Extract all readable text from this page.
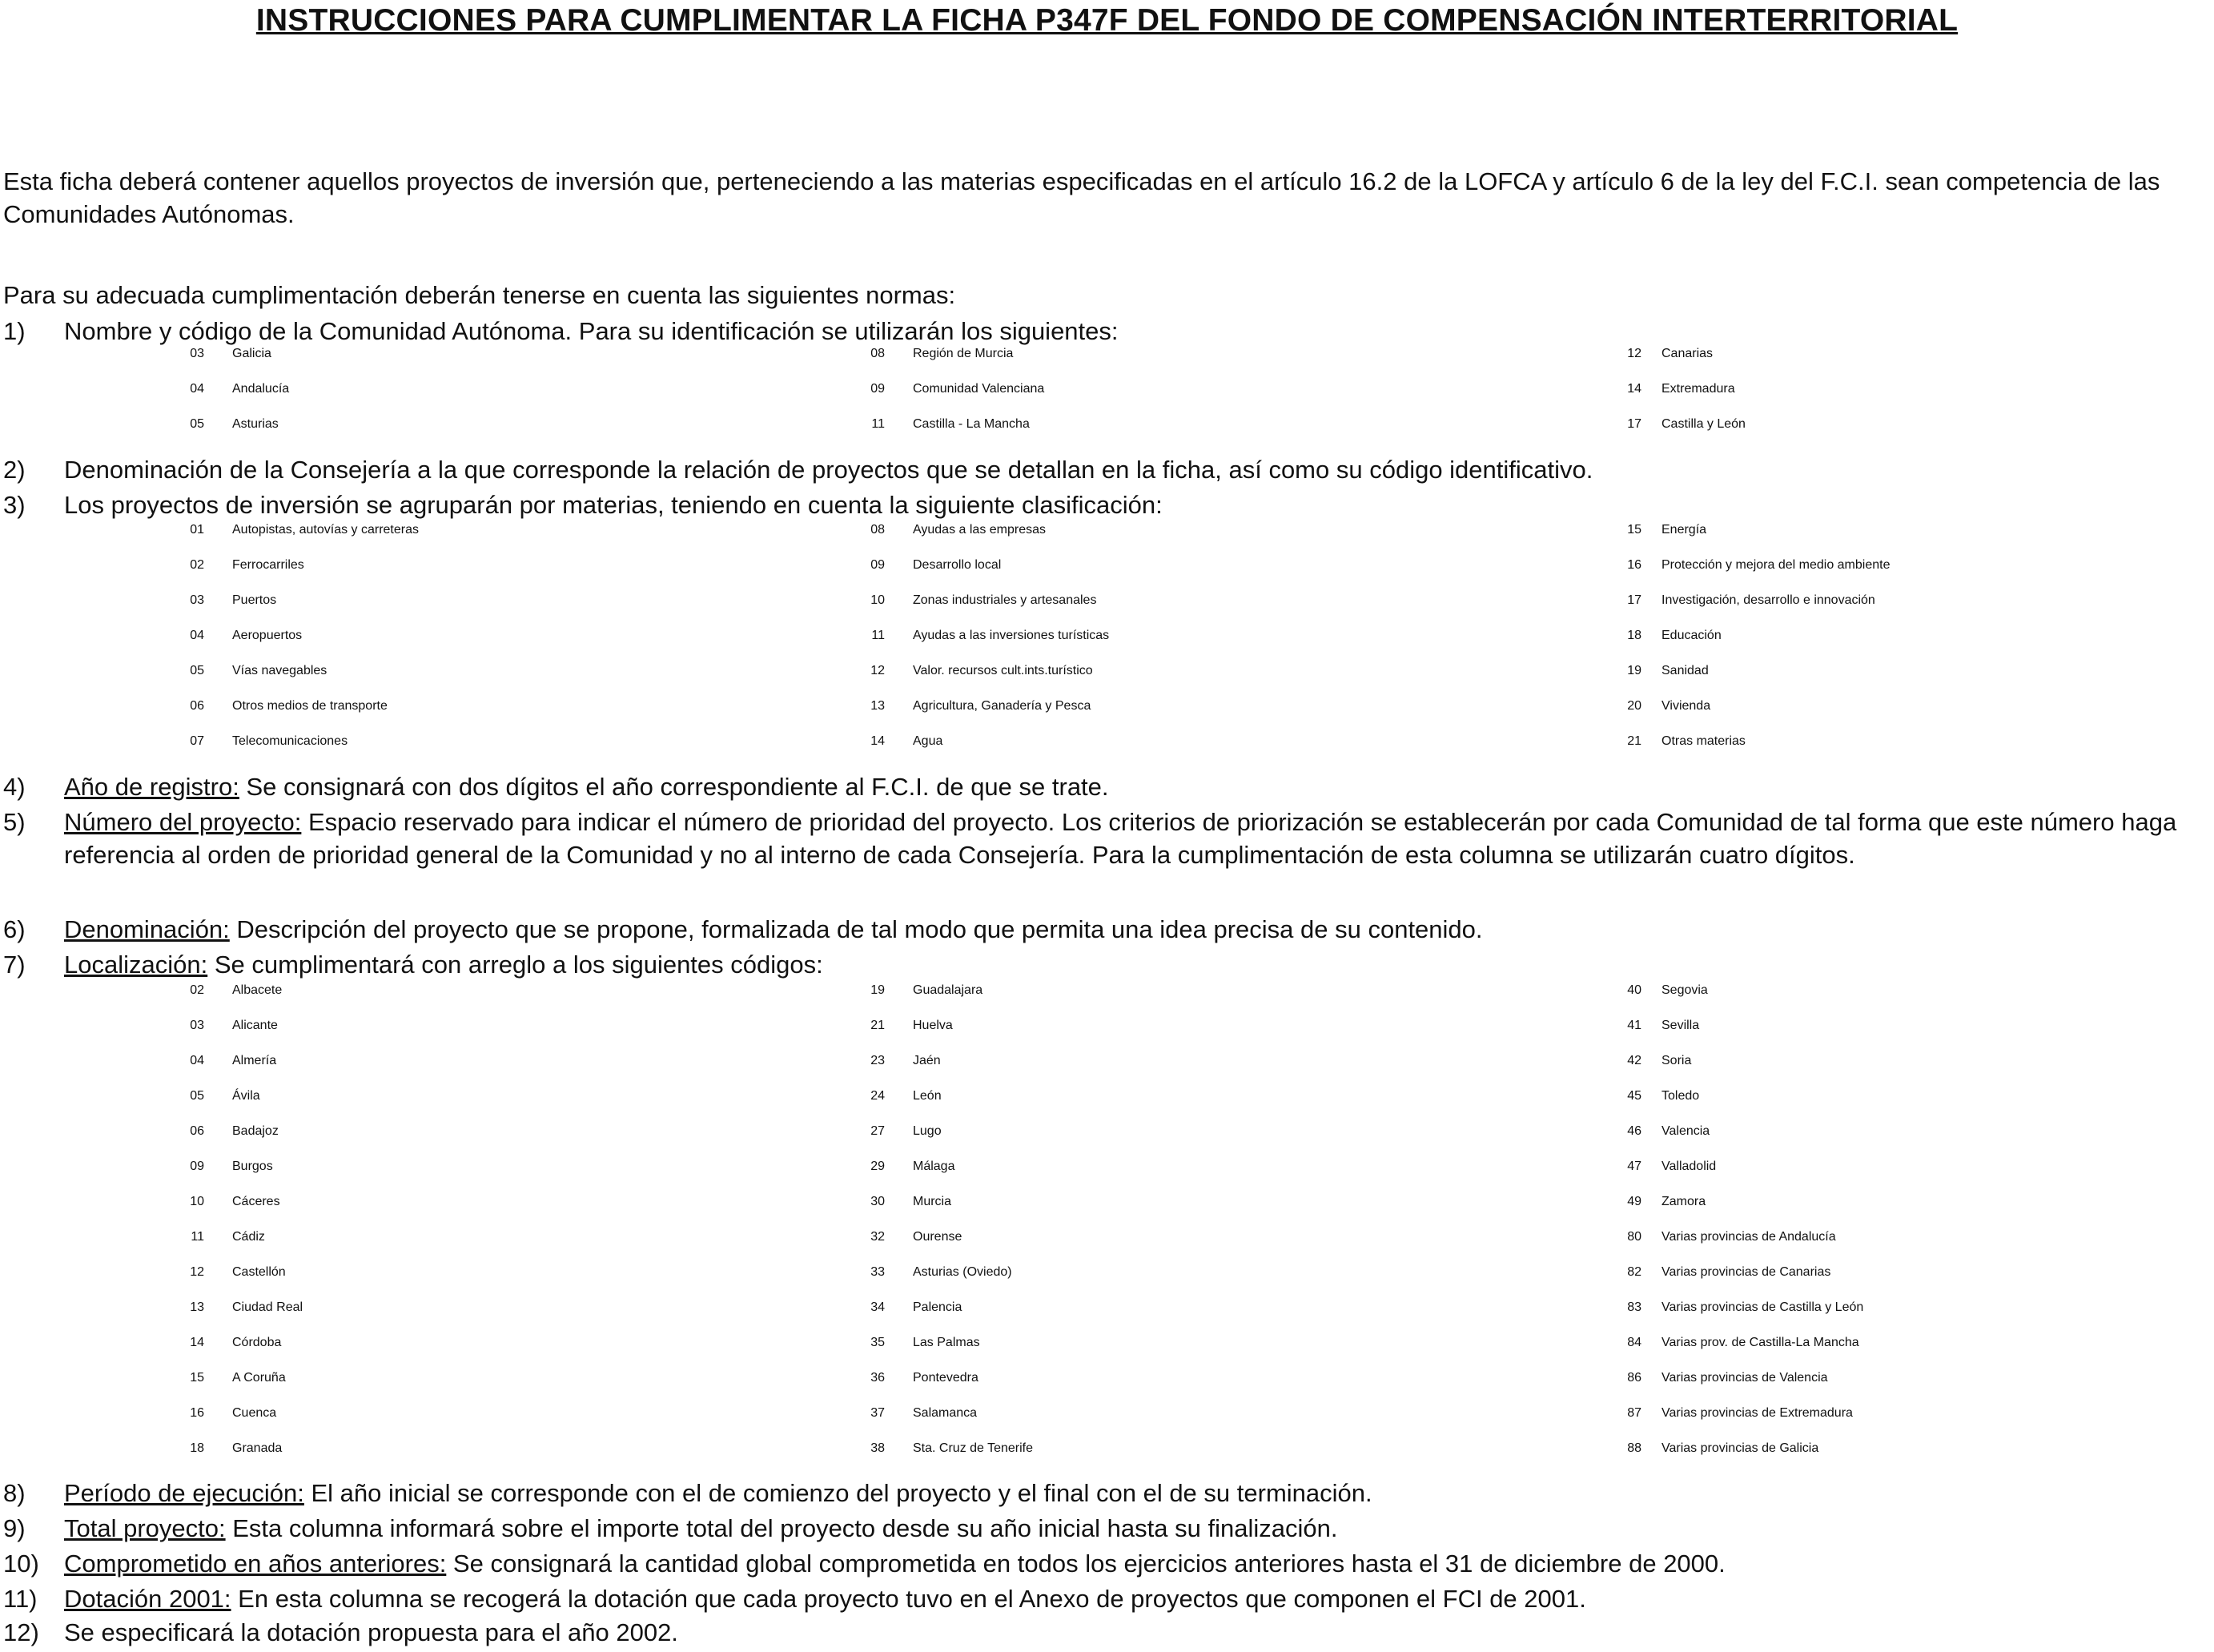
INSTRUCCIONES PARA CUMPLIMENTAR LA FICHA P347F DEL FONDO DE COMPENSACIÓN INTERTERRITORIAL
Esta ficha deberá contener aquellos proyectos de inversión que, perteneciendo a las materias especificadas en el artículo 16.2 de la LOFCA y artículo 6 de la ley del F.C.I. sean competencia de las Comunidades Autónomas.
Para su adecuada cumplimentación deberán tenerse en cuenta las siguientes normas:
1) Nombre y código de la Comunidad Autónoma. Para su identificación se utilizarán los siguientes:
2) Denominación de la Consejería a la que corresponde la relación de proyectos que se detallan en la ficha, así como su código identificativo.
3) Los proyectos de inversión se agruparán por materias, teniendo en cuenta la siguiente clasificación:
4) Año de registro: Se consignará con dos dígitos el año correspondiente al F.C.I. de que se trate.
5) Número del proyecto: Espacio reservado para indicar el número de prioridad del proyecto. Los criterios de priorización se establecerán por cada Comunidad de tal forma que este número haga referencia al orden de prioridad general de la Comunidad y no al interno de cada Consejería. Para la cumplimentación de esta columna se utilizarán cuatro dígitos.
6) Denominación: Descripción del proyecto que se propone, formalizada de tal modo que permita una idea precisa de su contenido.
7) Localización: Se cumplimentará con arreglo a los siguientes códigos:
8) Período de ejecución: El año inicial se corresponde con el de comienzo del proyecto y el final con el de su terminación.
9) Total proyecto: Esta columna informará sobre el importe total del proyecto desde su año inicial hasta su finalización.
10) Comprometido en años anteriores: Se consignará la cantidad global comprometida en todos los ejercicios anteriores hasta el 31 de diciembre de 2000.
11) Dotación 2001: En esta columna se recogerá la dotación que cada proyecto tuvo en el Anexo de proyectos que componen el FCI de 2001.
12) Se especificará la dotación propuesta para el año 2002.
03 Galicia
04 Andalucía
05 Asturias
08 Región de Murcia
09 Comunidad Valenciana
11 Castilla - La Mancha
12 Canarias
14 Extremadura
17 Castilla y León
01 Autopistas, autovías y carreteras
02 Ferrocarriles
03 Puertos
04 Aeropuertos
05 Vías navegables
06 Otros medios de transporte
07 Telecomunicaciones
08 Ayudas a las empresas
09 Desarrollo local
10 Zonas industriales y artesanales
11 Ayudas a las inversiones turísticas
12 Valor. recursos cult.ints.turístico
13 Agricultura, Ganadería y Pesca
14 Agua
15 Energía
16 Protección y mejora del medio ambiente
17 Investigación, desarrollo e innovación
18 Educación
19 Sanidad
20 Vivienda
21 Otras materias
02 Albacete
03 Alicante
04 Almería
05 Ávila
06 Badajoz
09 Burgos
10 Cáceres
11 Cádiz
12 Castellón
13 Ciudad Real
14 Córdoba
15 A Coruña
16 Cuenca
18 Granada
19 Guadalajara
21 Huelva
23 Jaén
24 León
27 Lugo
29 Málaga
30 Murcia
32 Ourense
33 Asturias (Oviedo)
34 Palencia
35 Las Palmas
36 Pontevedra
37 Salamanca
38 Sta. Cruz de Tenerife
40 Segovia
41 Sevilla
42 Soria
45 Toledo
46 Valencia
47 Valladolid
49 Zamora
80 Varias provincias de Andalucía
82 Varias provincias de Canarias
83 Varias provincias de Castilla y León
84 Varias prov. de Castilla-La Mancha
86 Varias provincias de Valencia
87 Varias provincias de Extremadura
88 Varias provincias de Galicia
